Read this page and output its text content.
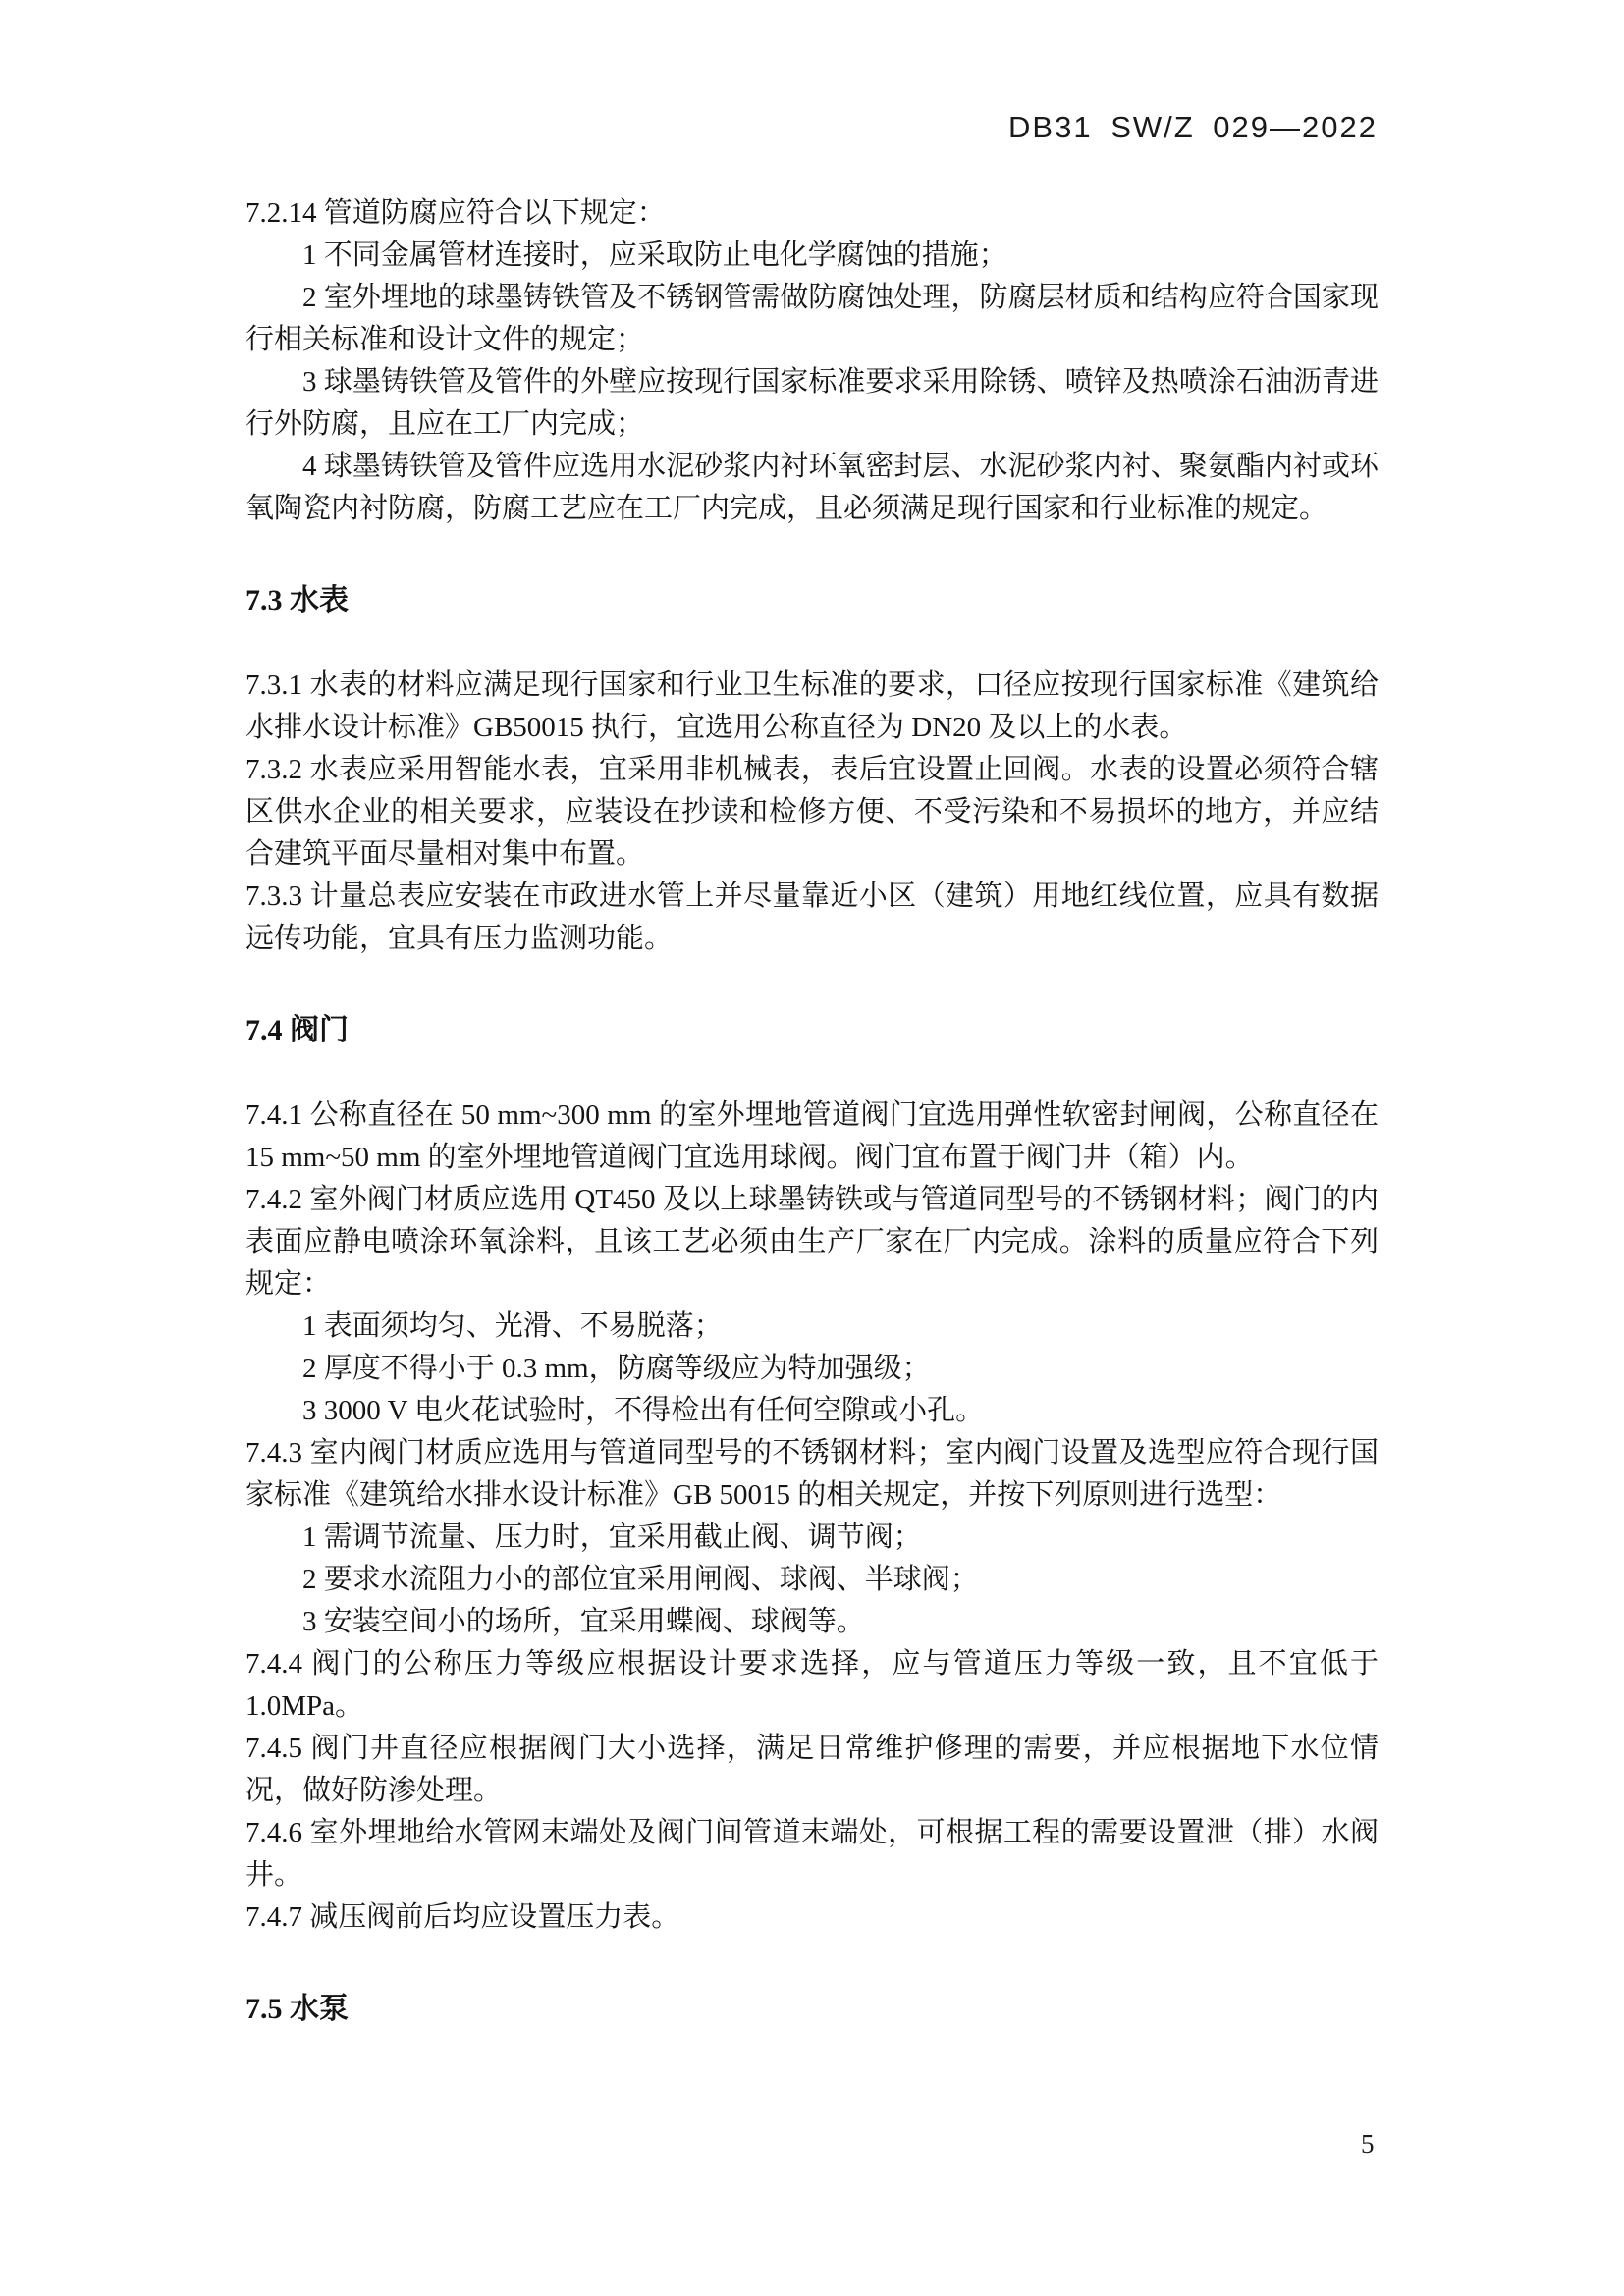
DB31 SW/Z 029—2022

7.2.14 管道防腐应符合以下规定：

1 不同金属管材连接时，应采取防止电化学腐蚀的措施；

2 室外埋地的球墨铸铁管及不锈钢管需做防腐蚀处理，防腐层材质和结构应符合国家现行相关标准和设计文件的规定；

3 球墨铸铁管及管件的外壁应按现行国家标准要求采用除锈、喷锌及热喷涂石油沥青进行外防腐，且应在工厂内完成；

4 球墨铸铁管及管件应选用水泥砂浆内衬环氧密封层、水泥砂浆内衬、聚氨酯内衬或环氧陶瓷内衬防腐，防腐工艺应在工厂内完成，且必须满足现行国家和行业标准的规定。

7.3 水表

7.3.1 水表的材料应满足现行国家和行业卫生标准的要求，口径应按现行国家标准《建筑给水排水设计标准》GB50015 执行，宜选用公称直径为 DN20 及以上的水表。

7.3.2 水表应采用智能水表，宜采用非机械表，表后宜设置止回阀。水表的设置必须符合辖区供水企业的相关要求，应装设在抄读和检修方便、不受污染和不易损坏的地方，并应结合建筑平面尽量相对集中布置。

7.3.3 计量总表应安装在市政进水管上并尽量靠近小区（建筑）用地红线位置，应具有数据远传功能，宜具有压力监测功能。

7.4 阀门

7.4.1 公称直径在 50 mm~300 mm 的室外埋地管道阀门宜选用弹性软密封闸阀，公称直径在 15 mm~50 mm 的室外埋地管道阀门宜选用球阀。阀门宜布置于阀门井（箱）内。

7.4.2 室外阀门材质应选用 QT450 及以上球墨铸铁或与管道同型号的不锈钢材料；阀门的内表面应静电喷涂环氧涂料，且该工艺必须由生产厂家在厂内完成。涂料的质量应符合下列规定：

1 表面须均匀、光滑、不易脱落；

2 厚度不得小于 0.3 mm，防腐等级应为特加强级；

3 3000 V 电火花试验时，不得检出有任何空隙或小孔。

7.4.3 室内阀门材质应选用与管道同型号的不锈钢材料；室内阀门设置及选型应符合现行国家标准《建筑给水排水设计标准》GB 50015 的相关规定，并按下列原则进行选型：

1 需调节流量、压力时，宜采用截止阀、调节阀；

2 要求水流阻力小的部位宜采用闸阀、球阀、半球阀；

3 安装空间小的场所，宜采用蝶阀、球阀等。

7.4.4 阀门的公称压力等级应根据设计要求选择，应与管道压力等级一致，且不宜低于 1.0MPa。

7.4.5 阀门井直径应根据阀门大小选择，满足日常维护修理的需要，并应根据地下水位情况，做好防渗处理。

7.4.6 室外埋地给水管网末端处及阀门间管道末端处，可根据工程的需要设置泄（排）水阀井。

7.4.7 减压阀前后均应设置压力表。

7.5 水泵

5
